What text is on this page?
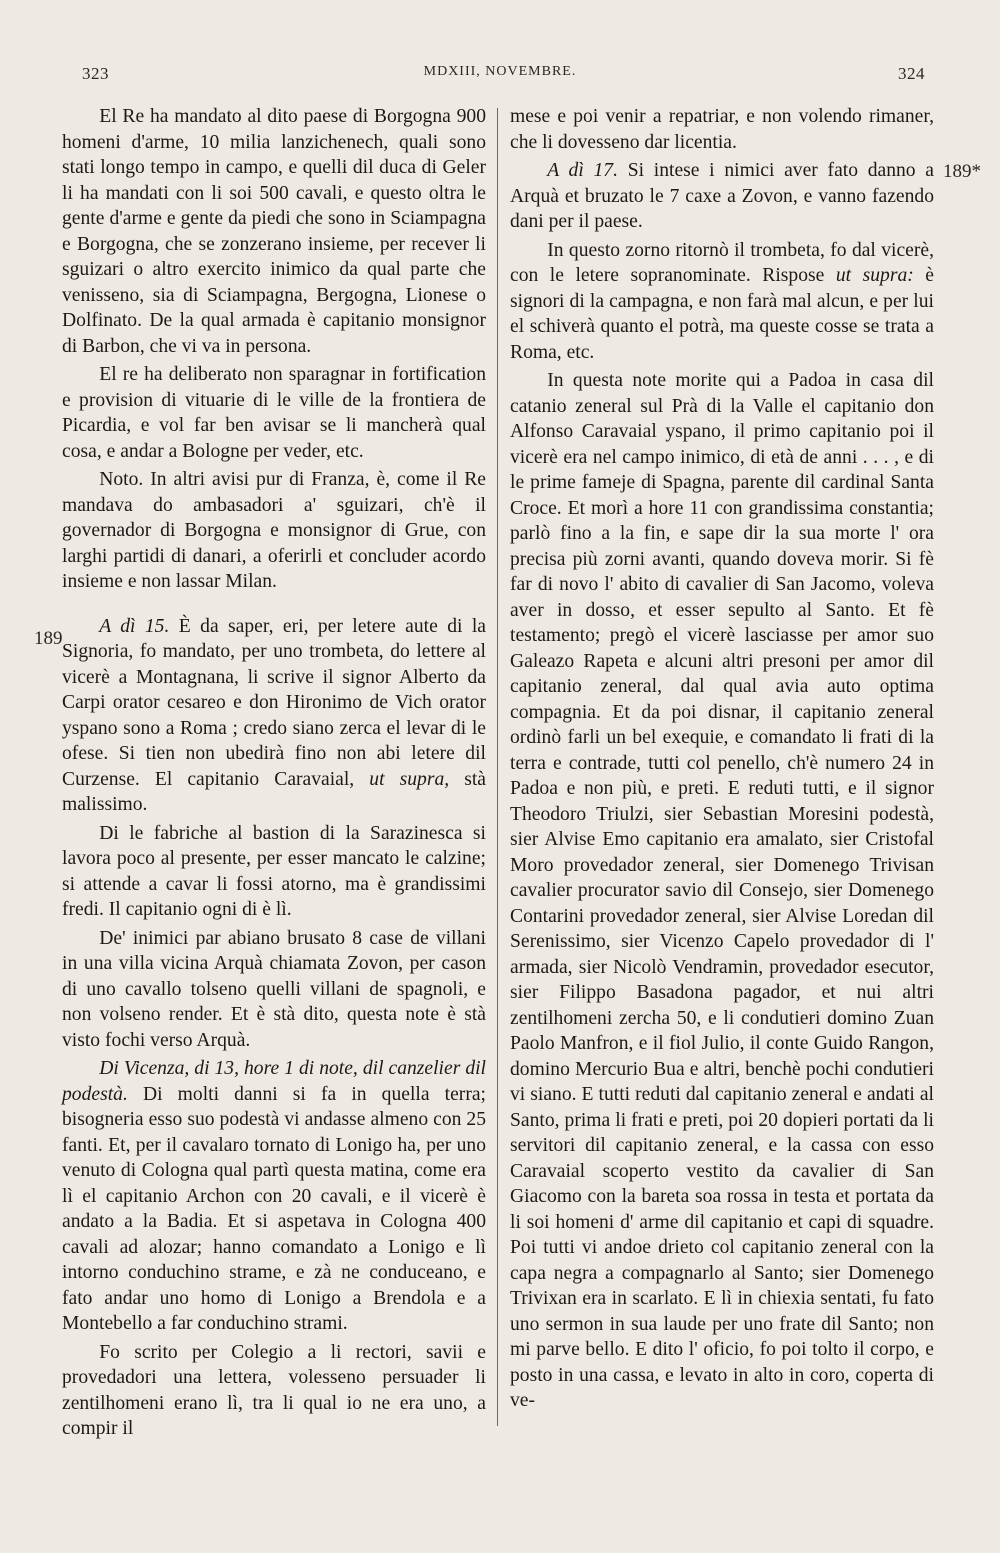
323	MDXIII, NOVEMBRE.	324
189
189*

El Re ha mandato al dito paese di Borgogna 900 homeni d'arme, 10 milia lanzichenech, quali sono stati longo tempo in campo, e quelli dil duca di Geler li ha mandati con li soi 500 cavali, e questo oltra le gente d'arme e gente da piedi che sono in Sciampagna e Borgogna, che se zonzerano insieme, per recever li sguizari o altro exercito inimico da qual parte che venisseno, sia di Sciampagna, Bergogna, Lionese o Dolfinato. De la qual armada è capitanio monsignor di Barbon, che vi va in persona.

El re ha deliberato non sparagnar in fortification e provision di vituarie di le ville de la frontiera de Picardia, e vol far ben avisar se li mancherà qual cosa, e andar a Bologne per veder, etc.

Noto. In altri avisi pur di Franza, è, come il Re mandava do ambasadori a' sguizari, ch'è il governador di Borgogna e monsignor di Grue, con larghi partidi di danari, a oferirli et concluder acordo insieme e non lassar Milan.

A dì 15. È da saper, eri, per letere aute di la Signoria, fo mandato, per uno trombeta, do lettere al vicerè a Montagnana, li scrive il signor Alberto da Carpi orator cesareo e don Hironimo de Vich orator yspano sono a Roma ; credo siano zerca el levar di le ofese. Si tien non ubedirà fino non abi letere dil Curzense. El capitanio Caravaial, ut supra, stà malissimo.

Di le fabriche al bastion di la Sarazinesca si lavora poco al presente, per esser mancato le calzine; si attende a cavar li fossi atorno, ma è grandissimi fredi. Il capitanio ogni di è lì.

De' inimici par abiano brusato 8 case de villani in una villa vicina Arquà chiamata Zovon, per cason di uno cavallo tolseno quelli villani de spagnoli, e non volseno render. Et è stà dito, questa note è stà visto fochi verso Arquà.

Di Vicenza, di 13, hore 1 di note, dil canzelier dil podestà. Di molti danni si fa in quella terra; bisogneria esso suo podestà vi andasse almeno con 25 fanti. Et, per il cavalaro tornato di Lonigo ha, per uno venuto di Cologna qual partì questa matina, come era lì el capitanio Archon con 20 cavali, e il vicerè è andato a la Badia. Et si aspetava in Cologna 400 cavali ad alozar; hanno comandato a Lonigo e lì intorno conduchino strame, e zà ne conduceano, e fato andar uno homo di Lonigo a Brendola e a Montebello a far conduchino strami.

Fo scrito per Colegio a li rectori, savii e provedadori una lettera, volesseno persuader li zentilhomeni erano lì, tra li qual io ne era uno, a compir il

mese e poi venir a repatriar, e non volendo rimaner, che li dovesseno dar licentia.

A dì 17. Si intese i nimici aver fato danno a Arquà et bruzato le 7 caxe a Zovon, e vanno fazendo dani per il paese.

In questo zorno ritornò il trombeta, fo dal vicerè, con le letere sopranominate. Rispose ut supra: è signori di la campagna, e non farà mal alcun, e per lui el schiverà quanto el potrà, ma queste cosse se trata a Roma, etc.

In questa note morite qui a Padoa in casa dil catanio zeneral sul Prà di la Valle el capitanio don Alfonso Caravaial yspano, il primo capitanio poi il vicerè era nel campo inimico, di età de anni . . . , e di le prime fameje di Spagna, parente dil cardinal Santa Croce. Et morì a hore 11 con grandissima constantia; parlò fino a la fin, e sape dir la sua morte l' ora precisa più zorni avanti, quando doveva morir. Si fè far di novo l' abito di cavalier di San Jacomo, voleva aver in dosso, et esser sepulto al Santo. Et fè testamento; pregò el vicerè lasciasse per amor suo Galeazo Rapeta e alcuni altri presoni per amor dil capitanio zeneral, dal qual avia auto optima compagnia. Et da poi disnar, il capitanio zeneral ordinò farli un bel exequie, e comandato li frati di la terra e contrade, tutti col penello, ch'è numero 24 in Padoa e non più, e preti. E reduti tutti, e il signor Theodoro Triulzi, sier Sebastian Moresini podestà, sier Alvise Emo capitanio era amalato, sier Cristofal Moro provedador zeneral, sier Domenego Trivisan cavalier procurator savio dil Consejo, sier Domenego Contarini provedador zeneral, sier Alvise Loredan dil Serenissimo, sier Vicenzo Capelo provedador di l' armada, sier Nicolò Vendramin, provedador esecutor, sier Filippo Basadona pagador, et nui altri zentilhomeni zercha 50, e li condutieri domino Zuan Paolo Manfron, e il fiol Julio, il conte Guido Rangon, domino Mercurio Bua e altri, benchè pochi condutieri vi siano. E tutti reduti dal capitanio zeneral e andati al Santo, prima li frati e preti, poi 20 dopieri portati da li servitori dil capitanio zeneral, e la cassa con esso Caravaial scoperto vestito da cavalier di San Giacomo con la bareta soa rossa in testa et portata da li soi homeni d' arme dil capitanio et capi di squadre. Poi tutti vi andoe drieto col capitanio zeneral con la capa negra a compagnarlo al Santo; sier Domenego Trivixan era in scarlato. E lì in chiexia sentati, fu fato uno sermon in sua laude per uno frate dil Santo; non mi parve bello. E dito l' oficio, fo poi tolto il corpo, e posto in una cassa, e levato in alto in coro, coperta di ve-
